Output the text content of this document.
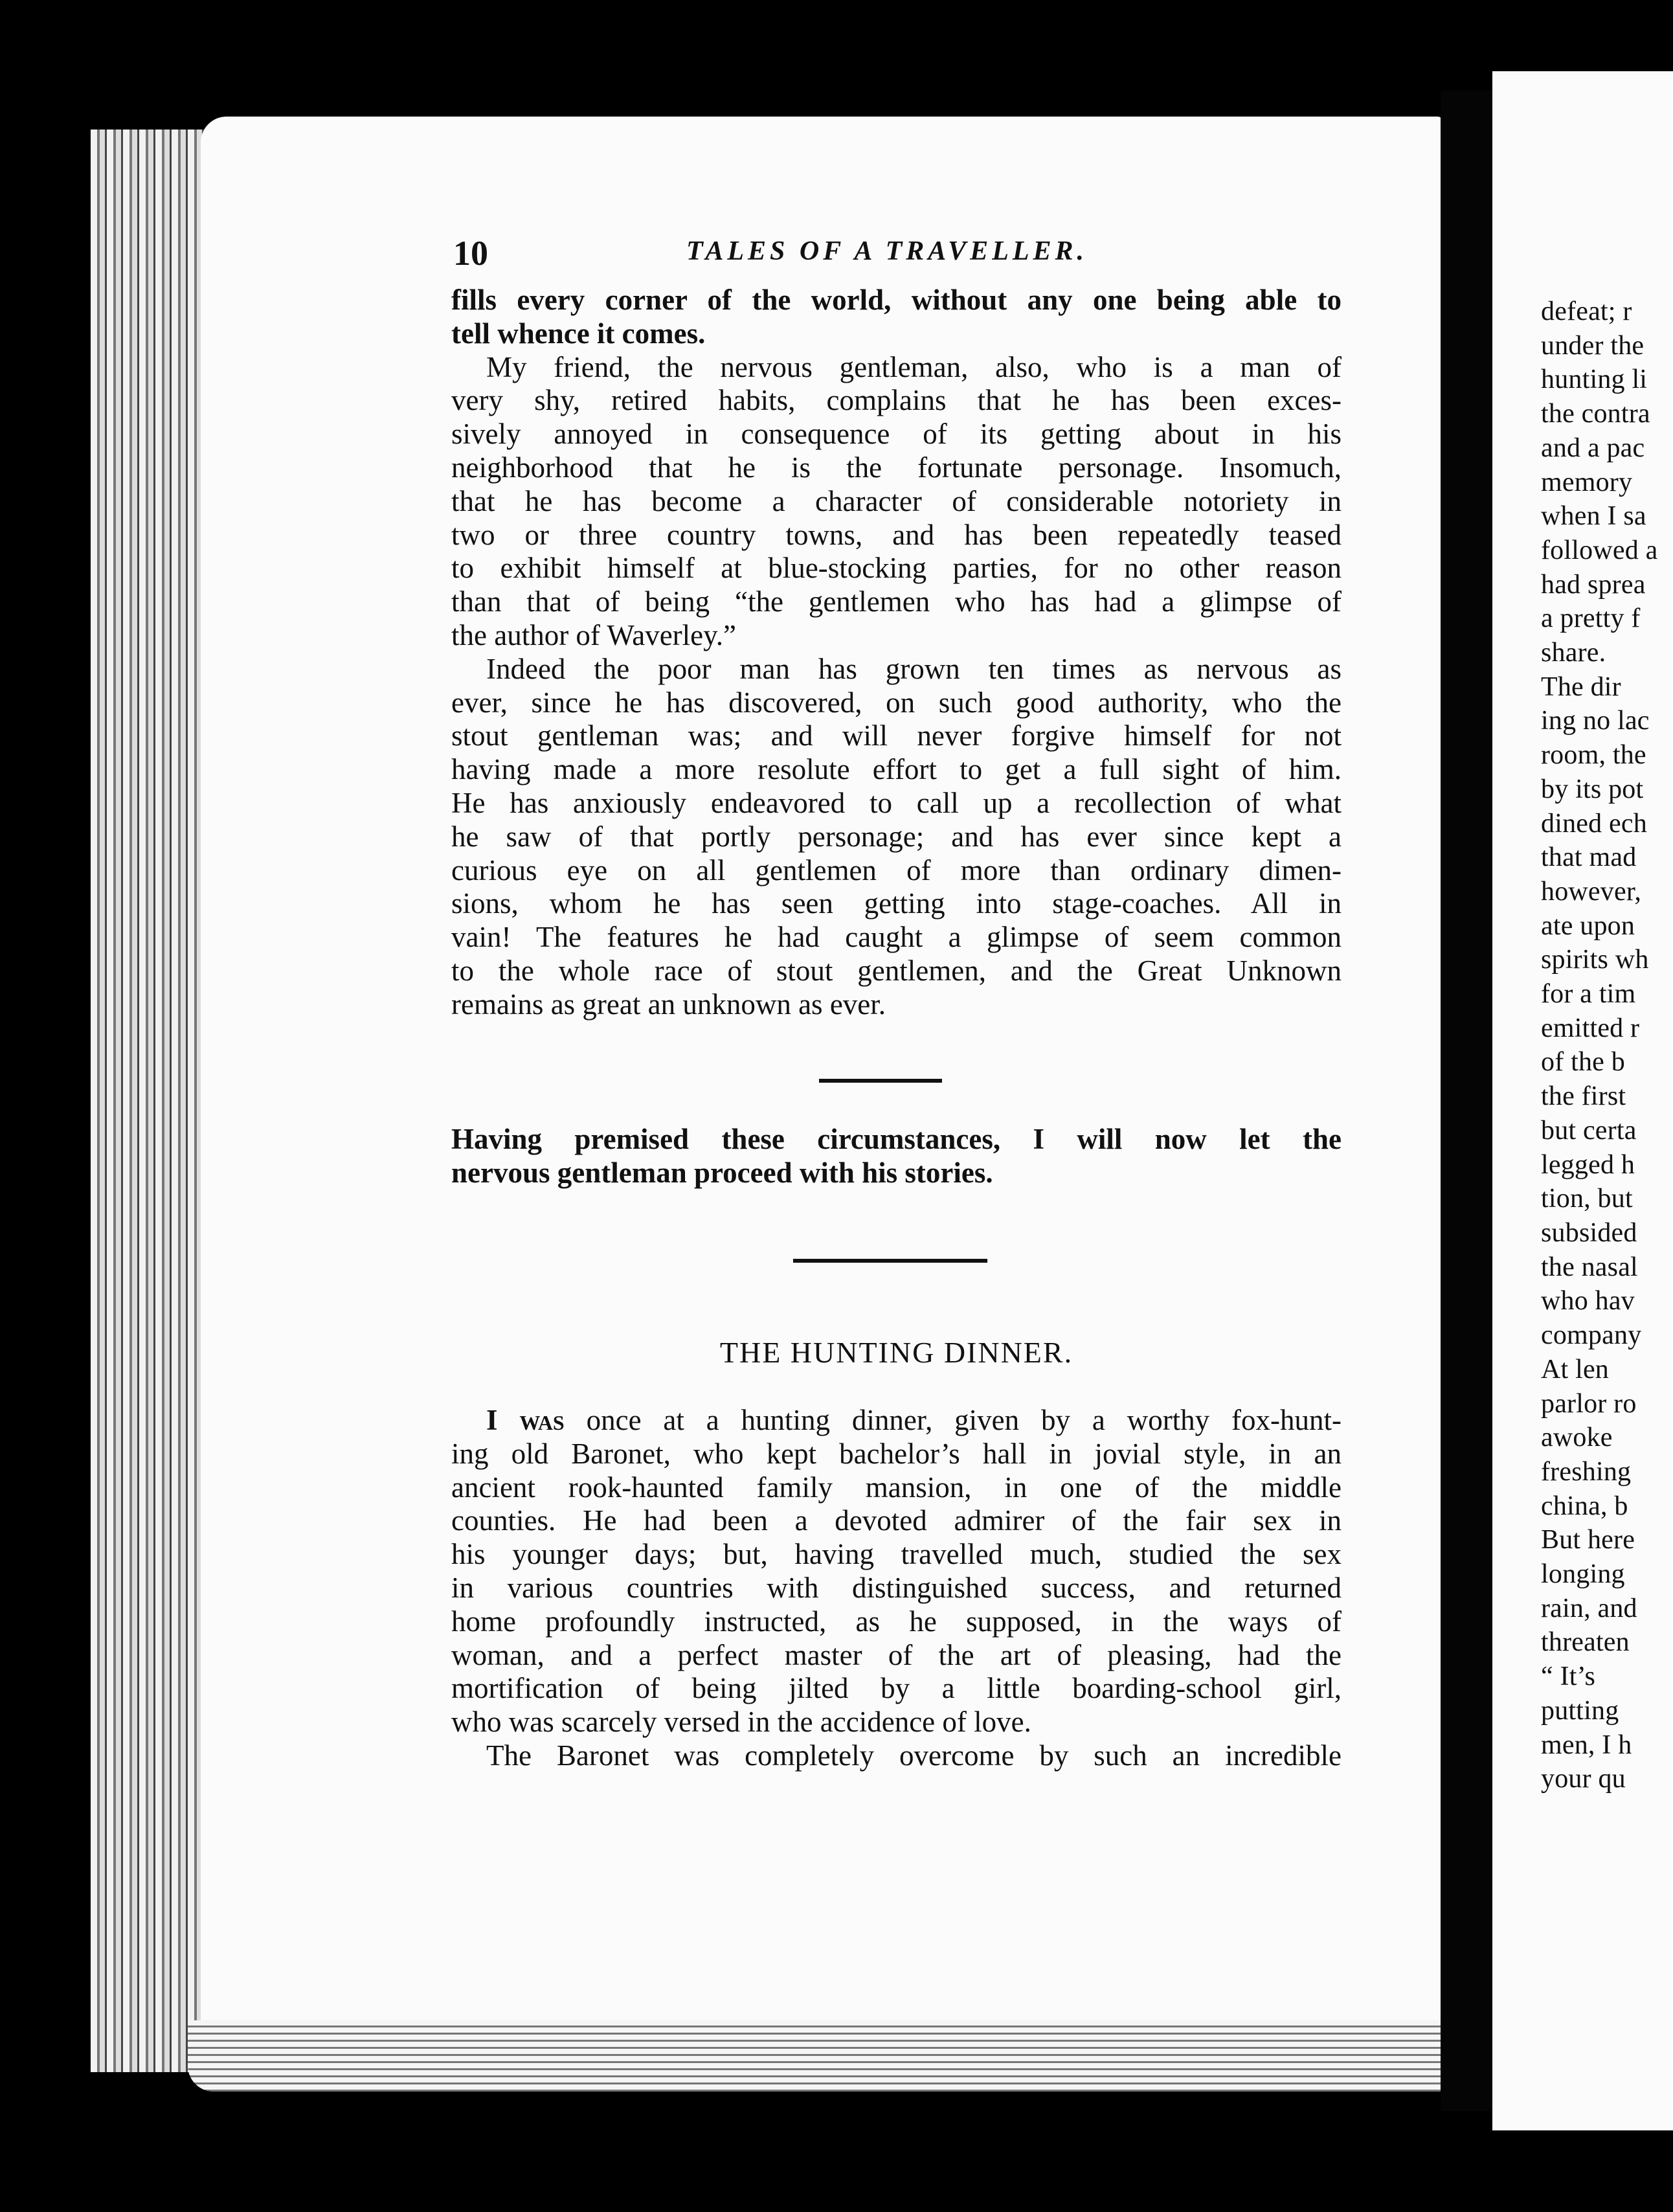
defeat; r
under the
hunting li
the contra
and a pac
memory
when I sa
followed a
had sprea
a pretty f
share.
The dir
ing no lac
room, the
by its pot
dined ech
that mad
however,
ate upon
spirits wh
for a tim
emitted r
of the b
the first
but certa
legged h
tion, but
subsided
the nasal
who hav
company
At len
parlor ro
awoke
freshing
china, b
But here
longing
rain, and
threaten
“ It’s
putting
men, I h
your qu
10	TALES OF A TRAVELLER.

fills every corner of the world, without any one being able to

tell whence it comes.

My friend, the nervous gentleman, also, who is a man of

very shy, retired habits, complains that he has been exces-

sively annoyed in consequence of its getting about in his

neighborhood that he is the fortunate personage. Insomuch,

that he has become a character of considerable notoriety in

two or three country towns, and has been repeatedly teased

to exhibit himself at blue-stocking parties, for no other reason

than that of being “the gentlemen who has had a glimpse of

the author of Waverley.”

Indeed the poor man has grown ten times as nervous as

ever, since he has discovered, on such good authority, who the

stout gentleman was; and will never forgive himself for not

having made a more resolute effort to get a full sight of him.

He has anxiously endeavored to call up a recollection of what

he saw of that portly personage; and has ever since kept a

curious eye on all gentlemen of more than ordinary dimen-

sions, whom he has seen getting into stage-coaches. All in

vain! The features he had caught a glimpse of seem common

to the whole race of stout gentlemen, and the Great Unknown

remains as great an unknown as ever.

Having premised these circumstances, I will now let the

nervous gentleman proceed with his stories.

THE HUNTING DINNER.

I was once at a hunting dinner, given by a worthy fox-hunt-

ing old Baronet, who kept bachelor’s hall in jovial style, in an

ancient rook-haunted family mansion, in one of the middle

counties. He had been a devoted admirer of the fair sex in

his younger days; but, having travelled much, studied the sex

in various countries with distinguished success, and returned

home profoundly instructed, as he supposed, in the ways of

woman, and a perfect master of the art of pleasing, had the

mortification of being jilted by a little boarding-school girl,

who was scarcely versed in the accidence of love.

The Baronet was completely overcome by such an incredible
